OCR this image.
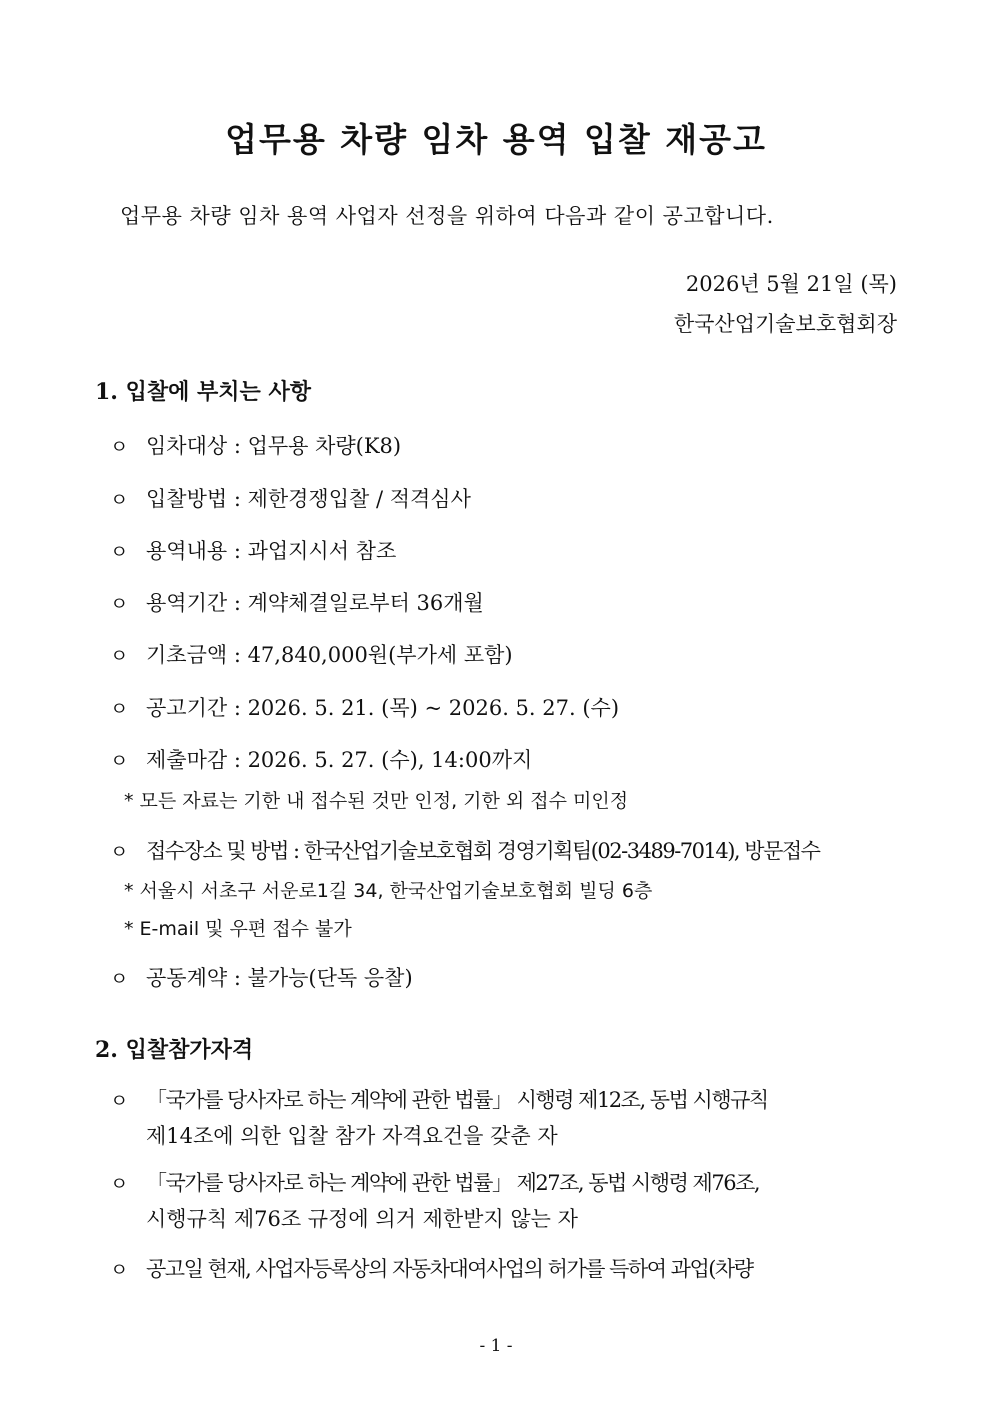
업무용 차량 임차 용역 입찰 재공고
업무용 차량 임차 용역 사업자 선정을 위하여 다음과 같이 공고합니다.
2026년 5월 21일 (목)
한국산업기술보호협회장
1. 입찰에 부치는 사항
ㅇ 임차대상 : 업무용 차량(K8)
ㅇ 입찰방법 : 제한경쟁입찰 / 적격심사
ㅇ 용역내용 : 과업지시서 참조
ㅇ 용역기간 : 계약체결일로부터 36개월
ㅇ 기초금액 : 47,840,000원(부가세 포함)
ㅇ 공고기간 : 2026. 5. 21. (목) ~ 2026. 5. 27. (수)
ㅇ 제출마감 : 2026. 5. 27. (수), 14:00까지
* 모든 자료는 기한 내 접수된 것만 인정, 기한 외 접수 미인정
ㅇ 접수장소 및 방법 : 한국산업기술보호협회 경영기획팀(02-3489-7014), 방문접수
* 서울시 서초구 서운로1길 34, 한국산업기술보호협회 빌딩 6층
* E-mail 및 우편 접수 불가
ㅇ 공동계약 : 불가능(단독 응찰)
2. 입찰참가자격
ㅇ 「국가를 당사자로 하는 계약에 관한 법률」 시행령 제12조, 동법 시행규칙
제14조에 의한 입찰 참가 자격요건을 갖춘 자
ㅇ 「국가를 당사자로 하는 계약에 관한 법률」 제27조, 동법 시행령 제76조,
시행규칙 제76조 규정에 의거 제한받지 않는 자
ㅇ 공고일 현재, 사업자등록상의 자동차대여사업의 허가를 득하여 과업(차량
- 1 -
